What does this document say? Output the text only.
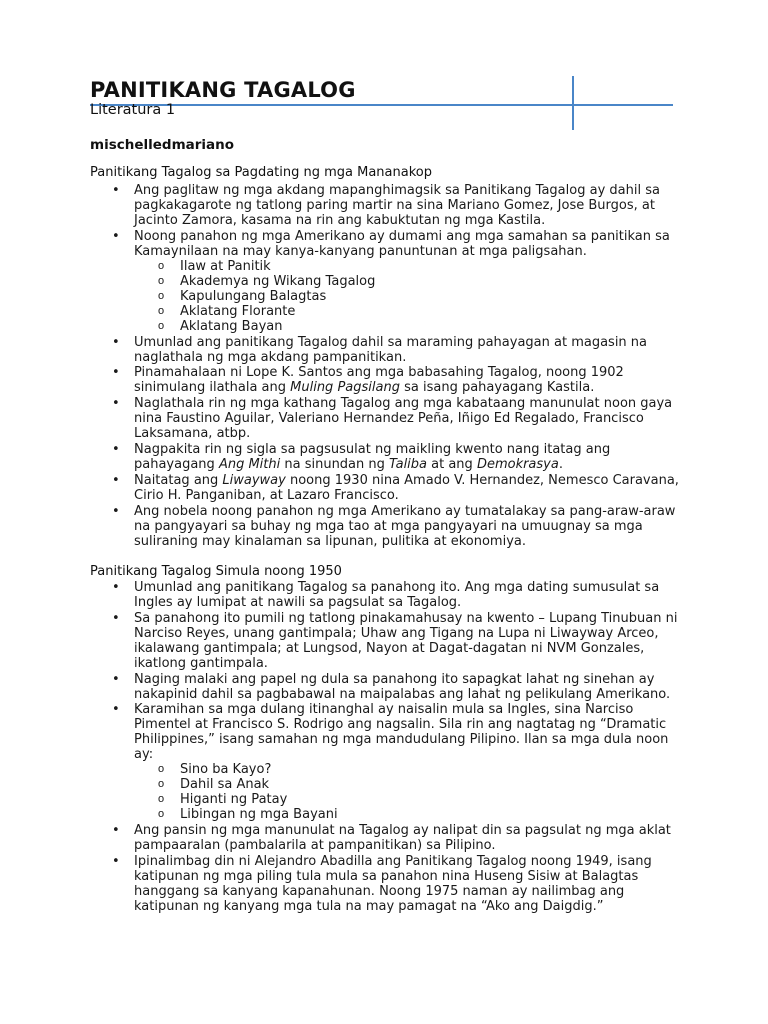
PANITIKANG TAGALOG

Literatura 1

mischelledmariano

Panitikang Tagalog sa Pagdating ng mga Mananakop

• Ang paglitaw ng mga akdang mapanghimagsik sa Panitikang Tagalog ay dahil sa pagkakagarote ng tatlong paring martir na sina Mariano Gomez, Jose Burgos, at Jacinto Zamora, kasama na rin ang kabuktutan ng mga Kastila.
• Noong panahon ng mga Amerikano ay dumami ang mga samahan sa panitikan sa Kamaynilaan na may kanya-kanyang panuntunan at mga paligsahan.
o Ilaw at Panitik
o Akademya ng Wikang Tagalog
o Kapulungang Balagtas
o Aklatang Florante
o Aklatang Bayan
• Umunlad ang panitikang Tagalog dahil sa maraming pahayagan at magasin na naglathala ng mga akdang pampanitikan.
• Pinamahalaan ni Lope K. Santos ang mga babasahing Tagalog, noong 1902 sinimulang ilathala ang Muling Pagsilang sa isang pahayagang Kastila.
• Naglathala rin ng mga kathang Tagalog ang mga kabataang manunulat noon gaya nina Faustino Aguilar, Valeriano Hernandez Peña, Iñigo Ed Regalado, Francisco Laksamana, atbp.
• Nagpakita rin ng sigla sa pagsusulat ng maikling kwento nang itatag ang pahayagang Ang Mithi na sinundan ng Taliba at ang Demokrasya.
• Naitatag ang Liwayway noong 1930 nina Amado V. Hernandez, Nemesco Caravana, Cirio H. Panganiban, at Lazaro Francisco.
• Ang nobela noong panahon ng mga Amerikano ay tumatalakay sa pang-araw-araw na pangyayari sa buhay ng mga tao at mga pangyayari na umuugnay sa mga suliraning may kinalaman sa lipunan, pulitika at ekonomiya.

Panitikang Tagalog Simula noong 1950

• Umunlad ang panitikang Tagalog sa panahong ito. Ang mga dating sumusulat sa Ingles ay lumipat at nawili sa pagsulat sa Tagalog.
• Sa panahong ito pumili ng tatlong pinakamahusay na kwento – Lupang Tinubuan ni Narciso Reyes, unang gantimpala; Uhaw ang Tigang na Lupa ni Liwayway Arceo, ikalawang gantimpala; at Lungsod, Nayon at Dagat-dagatan ni NVM Gonzales, ikatlong gantimpala.
• Naging malaki ang papel ng dula sa panahong ito sapagkat lahat ng sinehan ay nakapinid dahil sa pagbabawal na maipalabas ang lahat ng pelikulang Amerikano.
• Karamihan sa mga dulang itinanghal ay naisalin mula sa Ingles, sina Narciso Pimentel at Francisco S. Rodrigo ang nagsalin. Sila rin ang nagtatag ng “Dramatic Philippines,” isang samahan ng mga mandudulang Pilipino. Ilan sa mga dula noon ay:
o Sino ba Kayo?
o Dahil sa Anak
o Higanti ng Patay
o Libingan ng mga Bayani
• Ang pansin ng mga manunulat na Tagalog ay nalipat din sa pagsulat ng mga aklat pampaaralan (pambalarila at pampanitikan) sa Pilipino.
• Ipinalimbag din ni Alejandro Abadilla ang Panitikang Tagalog noong 1949, isang katipunan ng mga piling tula mula sa panahon nina Huseng Sisiw at Balagtas hanggang sa kanyang kapanahunan. Noong 1975 naman ay nailimbag ang katipunan ng kanyang mga tula na may pamagat na “Ako ang Daigdig.”
